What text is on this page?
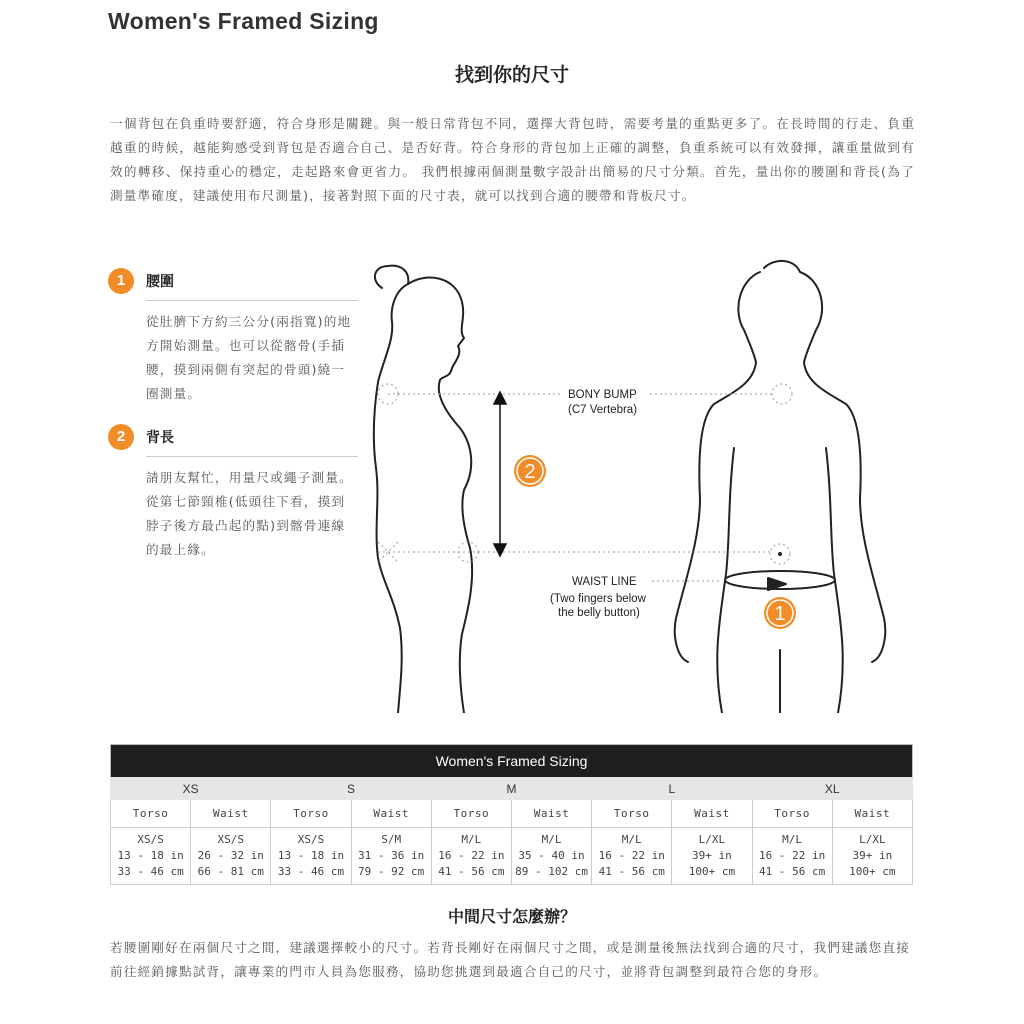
Women's Framed Sizing
找到你的尺寸
一個背包在負重時要舒適，符合身形是關鍵。與一般日常背包不同，選擇大背包時，需要考量的重點更多了。在長時間的行走、負重越重的時候，越能夠感受到背包是否適合自己、是否好背。符合身形的背包加上正確的調整，負重系統可以有效發揮，讓重量做到有效的轉移、保持重心的穩定，走起路來會更省力。 我們根據兩個測量數字設計出簡易的尺寸分類。首先，量出你的腰圍和背長(為了測量準確度，建議使用布尺測量)，接著對照下面的尺寸表，就可以找到合適的腰帶和背板尺寸。
1	腰圍
從肚臍下方約三公分(兩指寬)的地方開始測量。也可以從髂骨(手插腰，摸到兩側有突起的骨頭)繞一圈測量。
2	背長
請朋友幫忙，用量尺或繩子測量。從第七節頸椎(低頭往下看，摸到脖子後方最凸起的點)到髂骨連線的最上緣。
2
1
BONY BUMP
(C7 Vertebra)
WAIST LINE
(Two fingers below
the belly button)
Women's Framed Sizing									
XS		S		M		L		XL	
Torso	Waist	Torso	Waist	Torso	Waist	Torso	Waist	Torso	Waist

XS/S
13 - 18 in
33 - 46 cm	XS/S
26 - 32 in
66 - 81 cm	XS/S
13 - 18 in
33 - 46 cm	S/M
31 - 36 in
79 - 92 cm	M/L
16 - 22 in
41 - 56 cm	M/L
35 - 40 in
89 - 102 cm	M/L
16 - 22 in
41 - 56 cm	L/XL
39+ in
100+ cm	M/L
16 - 22 in
41 - 56 cm	L/XL
39+ in
100+ cm
中間尺寸怎麼辦？
若腰圍剛好在兩個尺寸之間，建議選擇較小的尺寸。若背長剛好在兩個尺寸之間，或是測量後無法找到合適的尺寸，我們建議您直接前往經銷據點試背，讓專業的門市人員為您服務，協助您挑選到最適合自己的尺寸，並將背包調整到最符合您的身形。
